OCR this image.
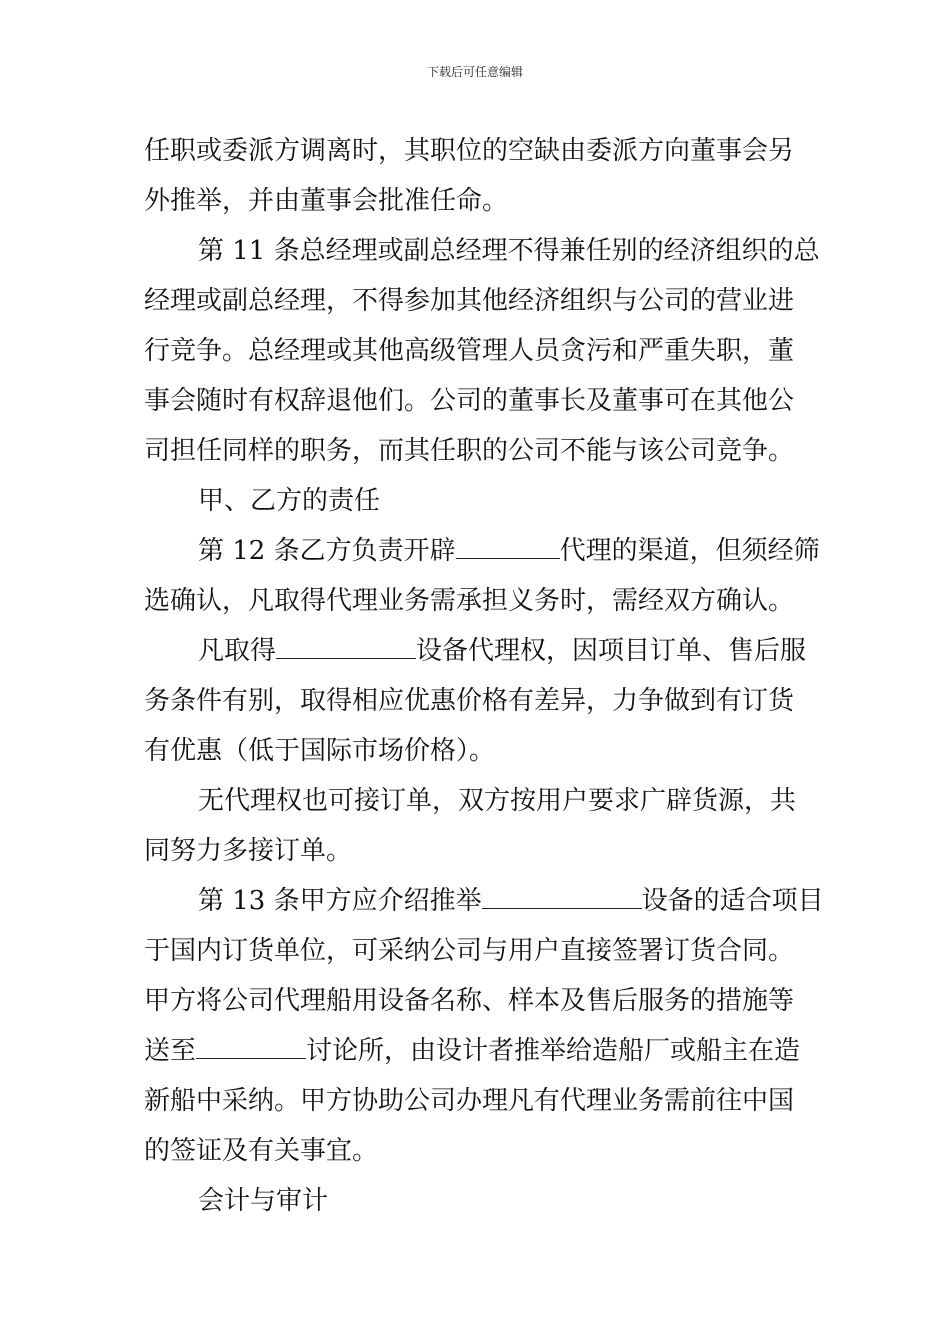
下载后可任意编辑
任职或委派方调离时，其职位的空缺由委派方向董事会另
外推举，并由董事会批准任命。
第 11 条总经理或副总经理不得兼任别的经济组织的总
经理或副总经理，不得参加其他经济组织与公司的营业进
行竞争。总经理或其他高级管理人员贪污和严重失职，董
事会随时有权辞退他们。公司的董事长及董事可在其他公
司担任同样的职务，而其任职的公司不能与该公司竞争。
甲、乙方的责任
第 12 条乙方负责开辟	代理的渠道，但须经筛
选确认，凡取得代理业务需承担义务时，需经双方确认。
凡取得	设备代理权，因项目订单、售后服
务条件有别，取得相应优惠价格有差异，力争做到有订货
有优惠（低于国际市场价格）。
无代理权也可接订单，双方按用户要求广辟货源，共
同努力多接订单。
第 13 条甲方应介绍推举	设备的适合项目
于国内订货单位，可采纳公司与用户直接签署订货合同。
甲方将公司代理船用设备名称、样本及售后服务的措施等
送至	讨论所，由设计者推举给造船厂或船主在造
新船中采纳。甲方协助公司办理凡有代理业务需前往中国
的签证及有关事宜。
会计与审计
